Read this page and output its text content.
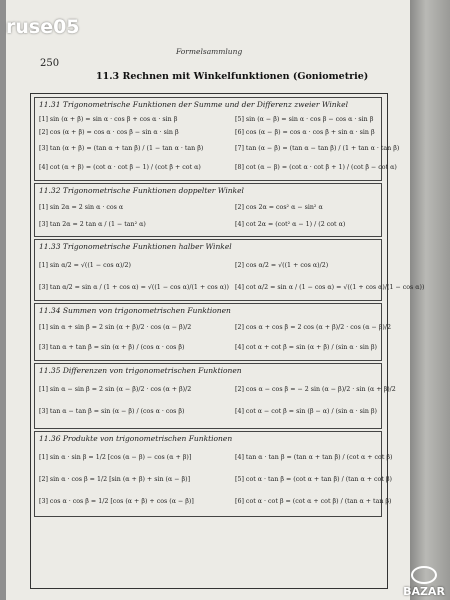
ruse05
BAZAR
250
Formelsammlung
11.3 Rechnen mit Winkelfunktionen (Goniometrie)
11.31 Trigonometrische Funktionen der Summe und der Differenz zweier Winkel
[1] sin (α + β) = sin α · cos β + cos α · sin β	[5] sin (α − β) = sin α · cos β − cos α · sin β
[2] cos (α + β) = cos α · cos β − sin α · sin β	[6] cos (α − β) = cos α · cos β + sin α · sin β
[3] tan (α + β) = (tan α + tan β) / (1 − tan α · tan β)	[7] tan (α − β) = (tan α − tan β) / (1 + tan α · tan β)
[4] cot (α + β) = (cot α · cot β − 1) / (cot β + cot α)	[8] cot (α − β) = (cot α · cot β + 1) / (cot β − cot α)
11.32 Trigonometrische Funktionen doppelter Winkel
[1] sin 2α = 2 sin α · cos α	[2] cos 2α = cos² α − sin² α
[3] tan 2α = 2 tan α / (1 − tan² α)	[4] cot 2α = (cot² α − 1) / (2 cot α)
11.33 Trigonometrische Funktionen halber Winkel
[1] sin α/2 = √((1 − cos α)/2)	[2] cos α/2 = √((1 + cos α)/2)
[3] tan α/2 = sin α / (1 + cos α) = √((1 − cos α)/(1 + cos α)) [4] cot α/2 = sin α / (1 − cos α) = √((1 + cos α)/(1 − cos α))
11.34 Summen von trigonometrischen Funktionen
[1] sin α + sin β = 2 sin (α + β)/2 · cos (α − β)/2	[2] cos α + cos β = 2 cos (α + β)/2 · cos (α − β)/2
[3] tan α + tan β = sin (α + β) / (cos α · cos β)	[4] cot α + cot β = sin (α + β) / (sin α · sin β)
11.35 Differenzen von trigonometrischen Funktionen
[1] sin α − sin β = 2 sin (α − β)/2 · cos (α + β)/2	[2] cos α − cos β = − 2 sin (α − β)/2 · sin (α + β)/2
[3] tan α − tan β = sin (α − β) / (cos α · cos β)	[4] cot α − cot β = sin (β − α) / (sin α · sin β)
11.36 Produkte von trigonometrischen Funktionen
[1] sin α · sin β = 1/2 [cos (α − β) − cos (α + β)]	[4] tan α · tan β = (tan α + tan β) / (cot α + cot β)
[2] sin α · cos β = 1/2 [sin (α + β) + sin (α − β)]	[5] cot α · tan β = (cot α + tan β) / (tan α + cot β)
[3] cos α · cos β = 1/2 [cos (α + β) + cos (α − β)]	[6] cot α · cot β = (cot α + cot β) / (tan α + tan β)
